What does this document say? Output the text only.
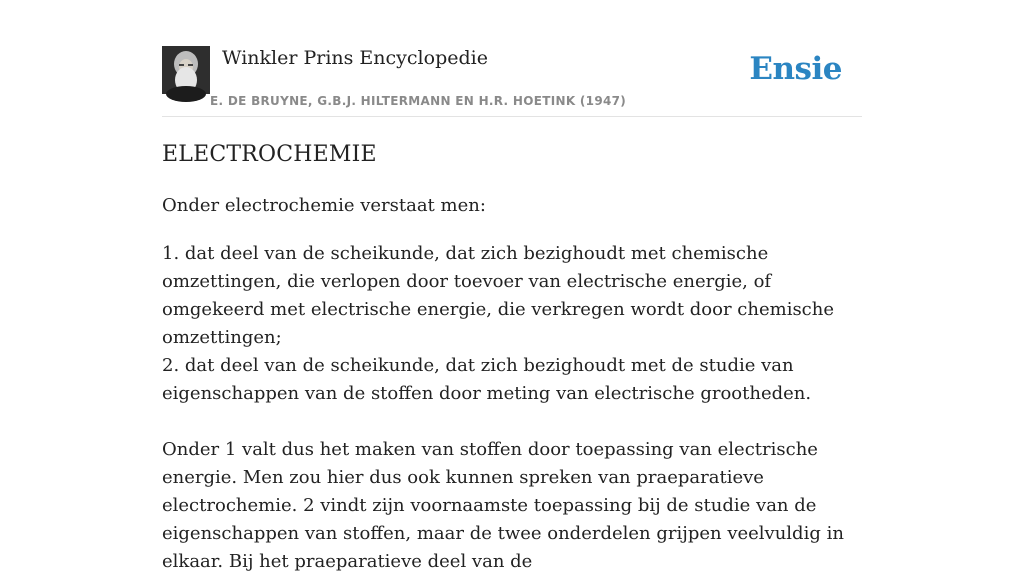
Winkler Prins Encyclopedie
E. DE BRUYNE, G.B.J. HILTERMANN EN H.R. HOETINK (1947)
Ensie
ELECTROCHEMIE

Onder electrochemie verstaat men:

1. dat deel van de scheikunde, dat zich bezighoudt met chemische omzettingen, die verlopen door toevoer van electrische energie, of omgekeerd met electrische energie, die verkregen wordt door chemische omzettingen;
2. dat deel van de scheikunde, dat zich bezighoudt met de studie van eigenschappen van de stoffen door meting van electrische grootheden.

Onder 1 valt dus het maken van stoffen door toepassing van electrische energie. Men zou hier dus ook kunnen spreken van praeparatieve electrochemie. 2 vindt zijn voornaamste toepassing bij de studie van de eigenschappen van stoffen, maar de twee onderdelen grijpen veelvuldig in elkaar. Bij het praeparatieve deel van de
